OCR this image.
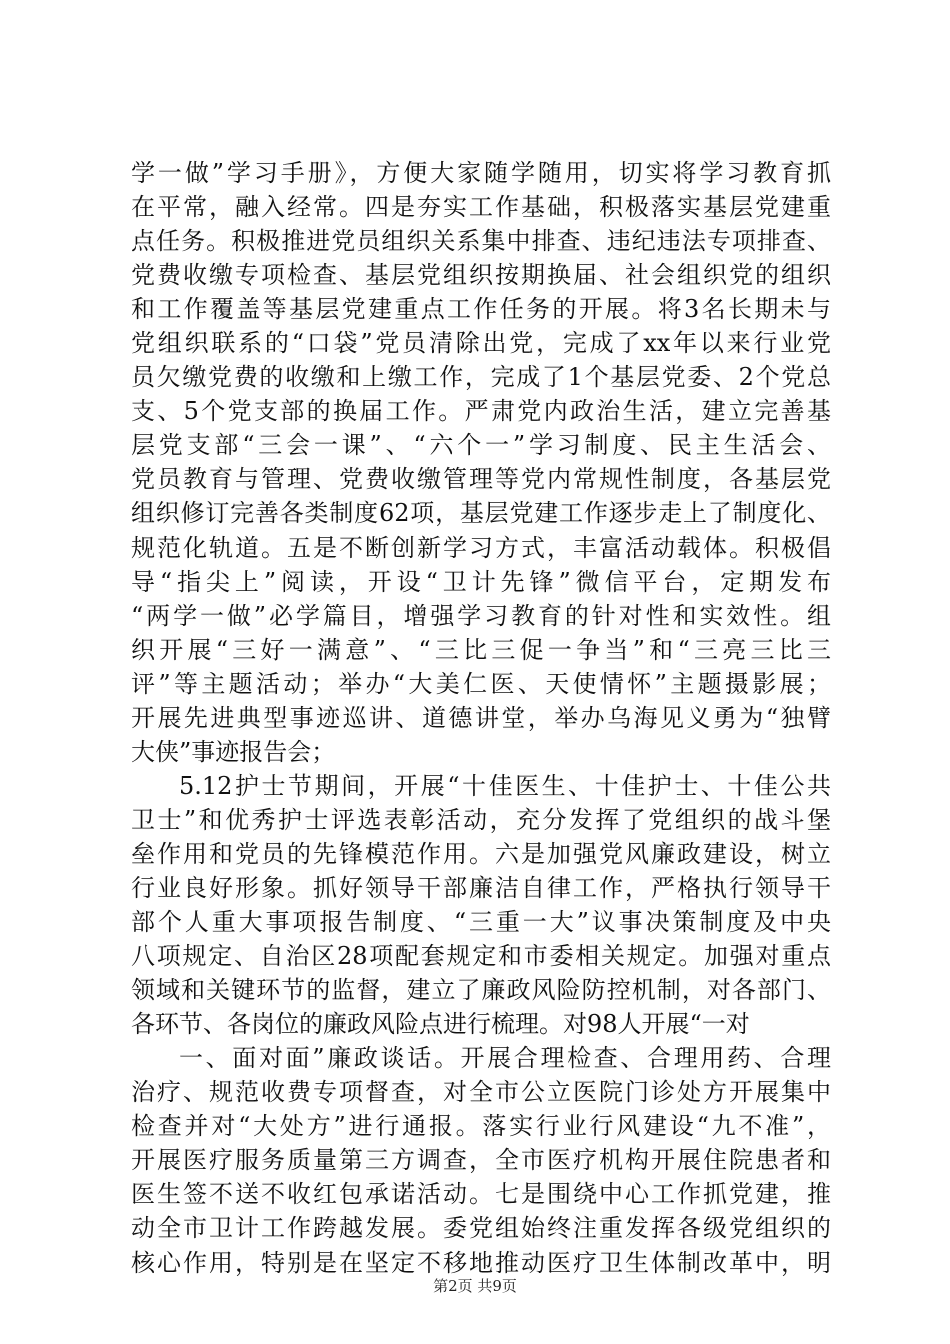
学一做”学习手册》，方便大家随学随用，切实将学习教育抓
在平常，融入经常。四是夯实工作基础，积极落实基层党建重
点任务。积极推进党员组织关系集中排查、违纪违法专项排查、
党费收缴专项检查、基层党组织按期换届、社会组织党的组织
和工作覆盖等基层党建重点工作任务的开展。将3名长期未与
党组织联系的“口袋”党员清除出党，完成了xx年以来行业党
员欠缴党费的收缴和上缴工作，完成了1个基层党委、2个党总
支、5个党支部的换届工作。严肃党内政治生活，建立完善基
层党支部“三会一课”、“六个一”学习制度、民主生活会、
党员教育与管理、党费收缴管理等党内常规性制度，各基层党
组织修订完善各类制度62项，基层党建工作逐步走上了制度化、
规范化轨道。五是不断创新学习方式，丰富活动载体。积极倡
导“指尖上”阅读，开设“卫计先锋”微信平台，定期发布
“两学一做”必学篇目，增强学习教育的针对性和实效性。组
织开展“三好一满意”、“三比三促一争当”和“三亮三比三
评”等主题活动；举办“大美仁医、天使情怀”主题摄影展；
开展先进典型事迹巡讲、道德讲堂，举办乌海见义勇为“独臂
大侠”事迹报告会；
5.12护士节期间，开展“十佳医生、十佳护士、十佳公共
卫士”和优秀护士评选表彰活动，充分发挥了党组织的战斗堡
垒作用和党员的先锋模范作用。六是加强党风廉政建设，树立
行业良好形象。抓好领导干部廉洁自律工作，严格执行领导干
部个人重大事项报告制度、“三重一大”议事决策制度及中央
八项规定、自治区28项配套规定和市委相关规定。加强对重点
领域和关键环节的监督，建立了廉政风险防控机制，对各部门、
各环节、各岗位的廉政风险点进行梳理。对98人开展“一对
一、面对面”廉政谈话。开展合理检查、合理用药、合理
治疗、规范收费专项督查，对全市公立医院门诊处方开展集中
检查并对“大处方”进行通报。落实行业行风建设“九不准”，
开展医疗服务质量第三方调查，全市医疗机构开展住院患者和
医生签不送不收红包承诺活动。七是围绕中心工作抓党建，推
动全市卫计工作跨越发展。委党组始终注重发挥各级党组织的
核心作用，特别是在坚定不移地推动医疗卫生体制改革中，明
第2页 共9页
